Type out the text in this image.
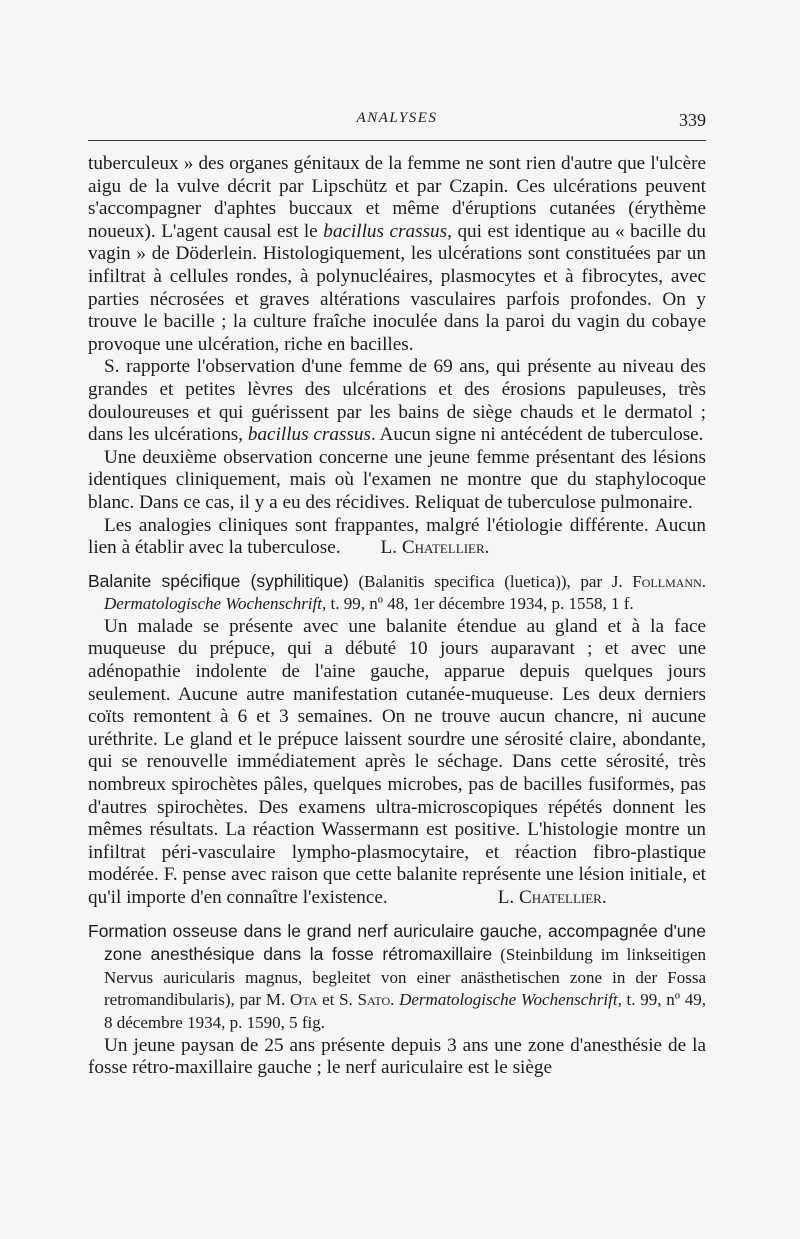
ANALYSES	339

tuberculeux » des organes génitaux de la femme ne sont rien d'autre que l'ulcère aigu de la vulve décrit par Lipschütz et par Czapin. Ces ulcérations peuvent s'accompagner d'aphtes buccaux et même d'éruptions cutanées (érythème noueux). L'agent causal est le bacillus crassus, qui est identique au « bacille du vagin » de Döderlein. Histologiquement, les ulcérations sont constituées par un infiltrat à cellules rondes, à polynucléaires, plasmocytes et à fibrocytes, avec parties nécrosées et graves altérations vasculaires parfois profondes. On y trouve le bacille ; la culture fraîche inoculée dans la paroi du vagin du cobaye provoque une ulcération, riche en bacilles.

S. rapporte l'observation d'une femme de 69 ans, qui présente au niveau des grandes et petites lèvres des ulcérations et des érosions papuleuses, très douloureuses et qui guérissent par les bains de siège chauds et le dermatol ; dans les ulcérations, bacillus crassus. Aucun signe ni antécédent de tuberculose.

Une deuxième observation concerne une jeune femme présentant des lésions identiques cliniquement, mais où l'examen ne montre que du staphylocoque blanc. Dans ce cas, il y a eu des récidives. Reliquat de tuberculose pulmonaire.

Les analogies cliniques sont frappantes, malgré l'étiologie différente. Aucun lien à établir avec la tuberculose. L. Chatellier.

Balanite spécifique (syphilitique) (Balanitis specifica (luetica)), par J. Follmann. Dermatologische Wochenschrift, t. 99, nº 48, 1er décembre 1934, p. 1558, 1 f.

Un malade se présente avec une balanite étendue au gland et à la face muqueuse du prépuce, qui a débuté 10 jours auparavant ; et avec une adénopathie indolente de l'aine gauche, apparue depuis quelques jours seulement. Aucune autre manifestation cutanée-muqueuse. Les deux derniers coïts remontent à 6 et 3 semaines. On ne trouve aucun chancre, ni aucune uréthrite. Le gland et le prépuce laissent sourdre une sérosité claire, abondante, qui se renouvelle immédiatement après le séchage. Dans cette sérosité, très nombreux spirochètes pâles, quelques microbes, pas de bacilles fusiformes, pas d'autres spirochètes. Des examens ultra-microscopiques répétés donnent les mêmes résultats. La réaction Wassermann est positive. L'histologie montre un infiltrat péri-vasculaire lympho-plasmocytaire, et réaction fibro-plastique modérée. F. pense avec raison que cette balanite représente une lésion initiale, et qu'il importe d'en connaître l'existence.	L. Chatellier.

Formation osseuse dans le grand nerf auriculaire gauche, accompagnée d'une zone anesthésique dans la fosse rétromaxillaire (Steinbildung im linkseitigen Nervus auricularis magnus, begleitet von einer anästhetischen zone in der Fossa retromandibularis), par M. Ota et S. Sato. Dermatologische Wochenschrift, t. 99, nº 49, 8 décembre 1934, p. 1590, 5 fig.

Un jeune paysan de 25 ans présente depuis 3 ans une zone d'anesthésie de la fosse rétro-maxillaire gauche ; le nerf auriculaire est le siège
